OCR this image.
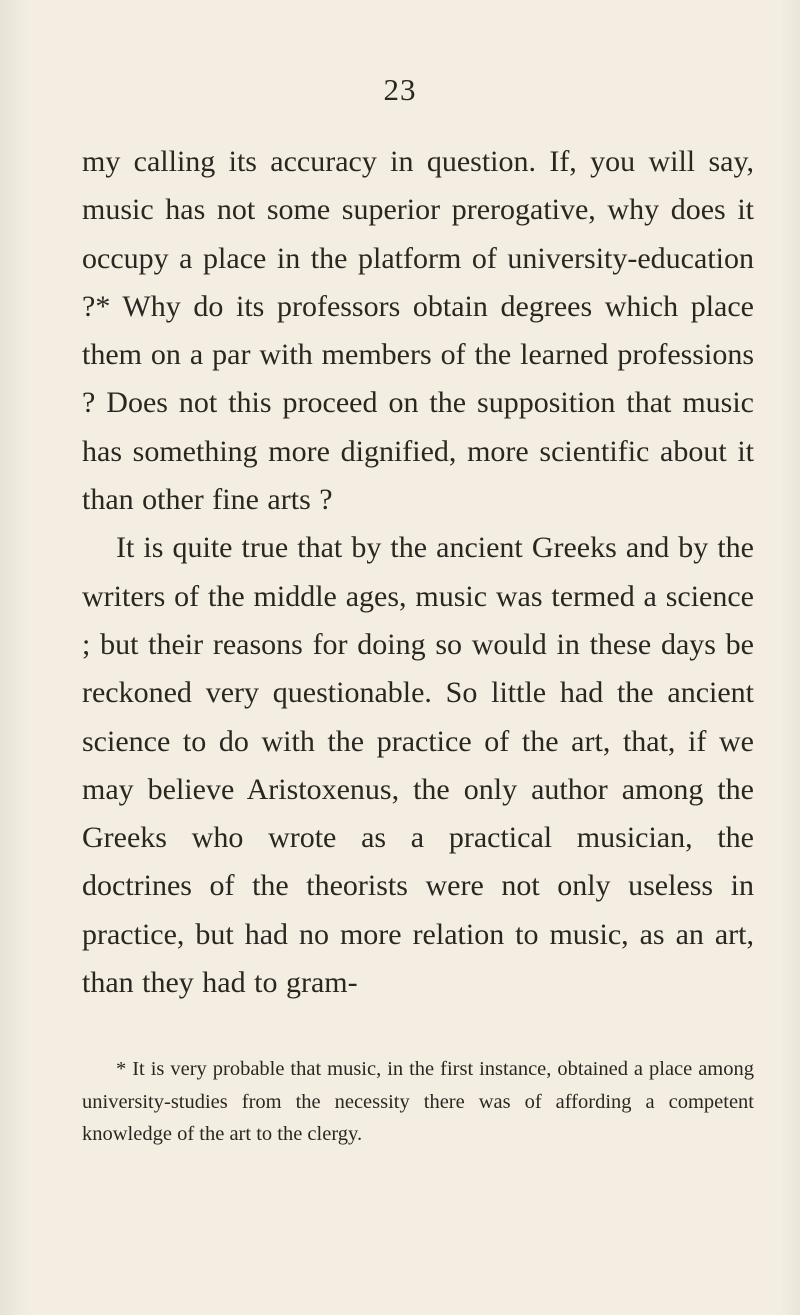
23

my calling its accuracy in question. If, you will say, music has not some superior prerogative, why does it occupy a place in the platform of university-education ?* Why do its professors obtain degrees which place them on a par with members of the learned professions ? Does not this proceed on the supposition that music has something more dignified, more scientific about it than other fine arts ?

It is quite true that by the ancient Greeks and by the writers of the middle ages, music was termed a science ; but their reasons for doing so would in these days be reckoned very questionable. So little had the ancient science to do with the practice of the art, that, if we may believe Aristoxenus, the only author among the Greeks who wrote as a practical musician, the doctrines of the theorists were not only useless in practice, but had no more relation to music, as an art, than they had to gram-

* It is very probable that music, in the first instance, obtained a place among university-studies from the necessity there was of affording a competent knowledge of the art to the clergy.
